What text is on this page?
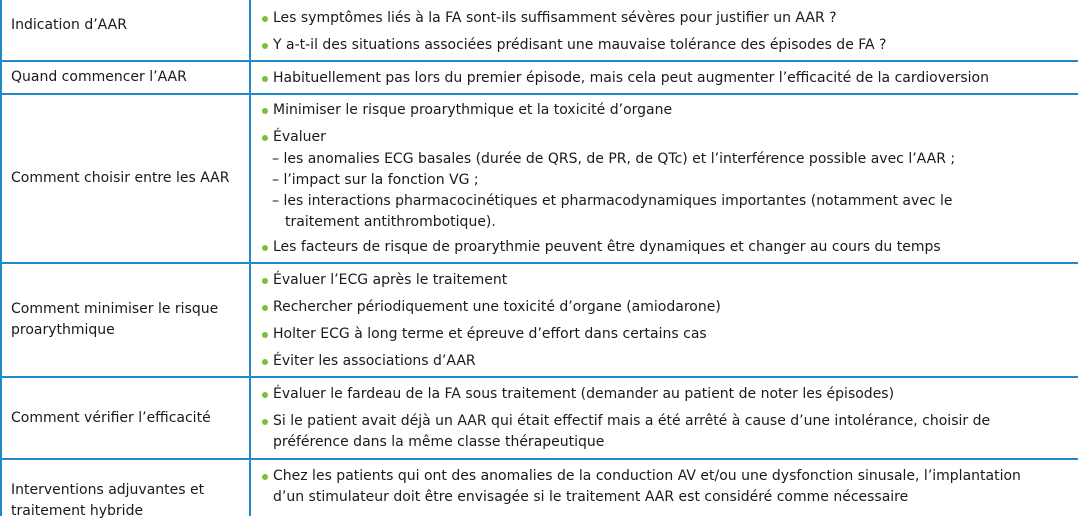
Indication d’AAR	Les symptômes liés à la FA sont-ils suffisamment sévères pour justifier un AAR ?
Y a-t-il des situations associées prédisant une mauvaise tolérance des épisodes de FA ?
Quand commencer l’AAR	Habituellement pas lors du premier épisode, mais cela peut augmenter l’efficacité de la cardioversion
Comment choisir entre les AAR
Minimiser le risque proarythmique et la toxicité d’organe
Évaluer
– les anomalies ECG basales (durée de QRS, de PR, de QTc) et l’interférence possible avec l’AAR ;
– l’impact sur la fonction VG ;
– les interactions pharmacocinétiques et pharmacodynamiques importantes (notamment avec le
traitement antithrombotique).
Les facteurs de risque de proarythmie peuvent être dynamiques et changer au cours du temps
Comment minimiser le risque
proarythmique
Évaluer l’ECG après le traitement
Rechercher périodiquement une toxicité d’organe (amiodarone)
Holter ECG à long terme et épreuve d’effort dans certains cas
Éviter les associations d’AAR
Comment vérifier l’efficacité
Évaluer le fardeau de la FA sous traitement (demander au patient de noter les épisodes)
Si le patient avait déjà un AAR qui était effectif mais a été arrêté à cause d’une intolérance, choisir de
préférence dans la même classe thérapeutique
Interventions adjuvantes et
traitement hybride
Chez les patients qui ont des anomalies de la conduction AV et/ou une dysfonction sinusale, l’implantation
d’un stimulateur doit être envisagée si le traitement AAR est considéré comme nécessaire
